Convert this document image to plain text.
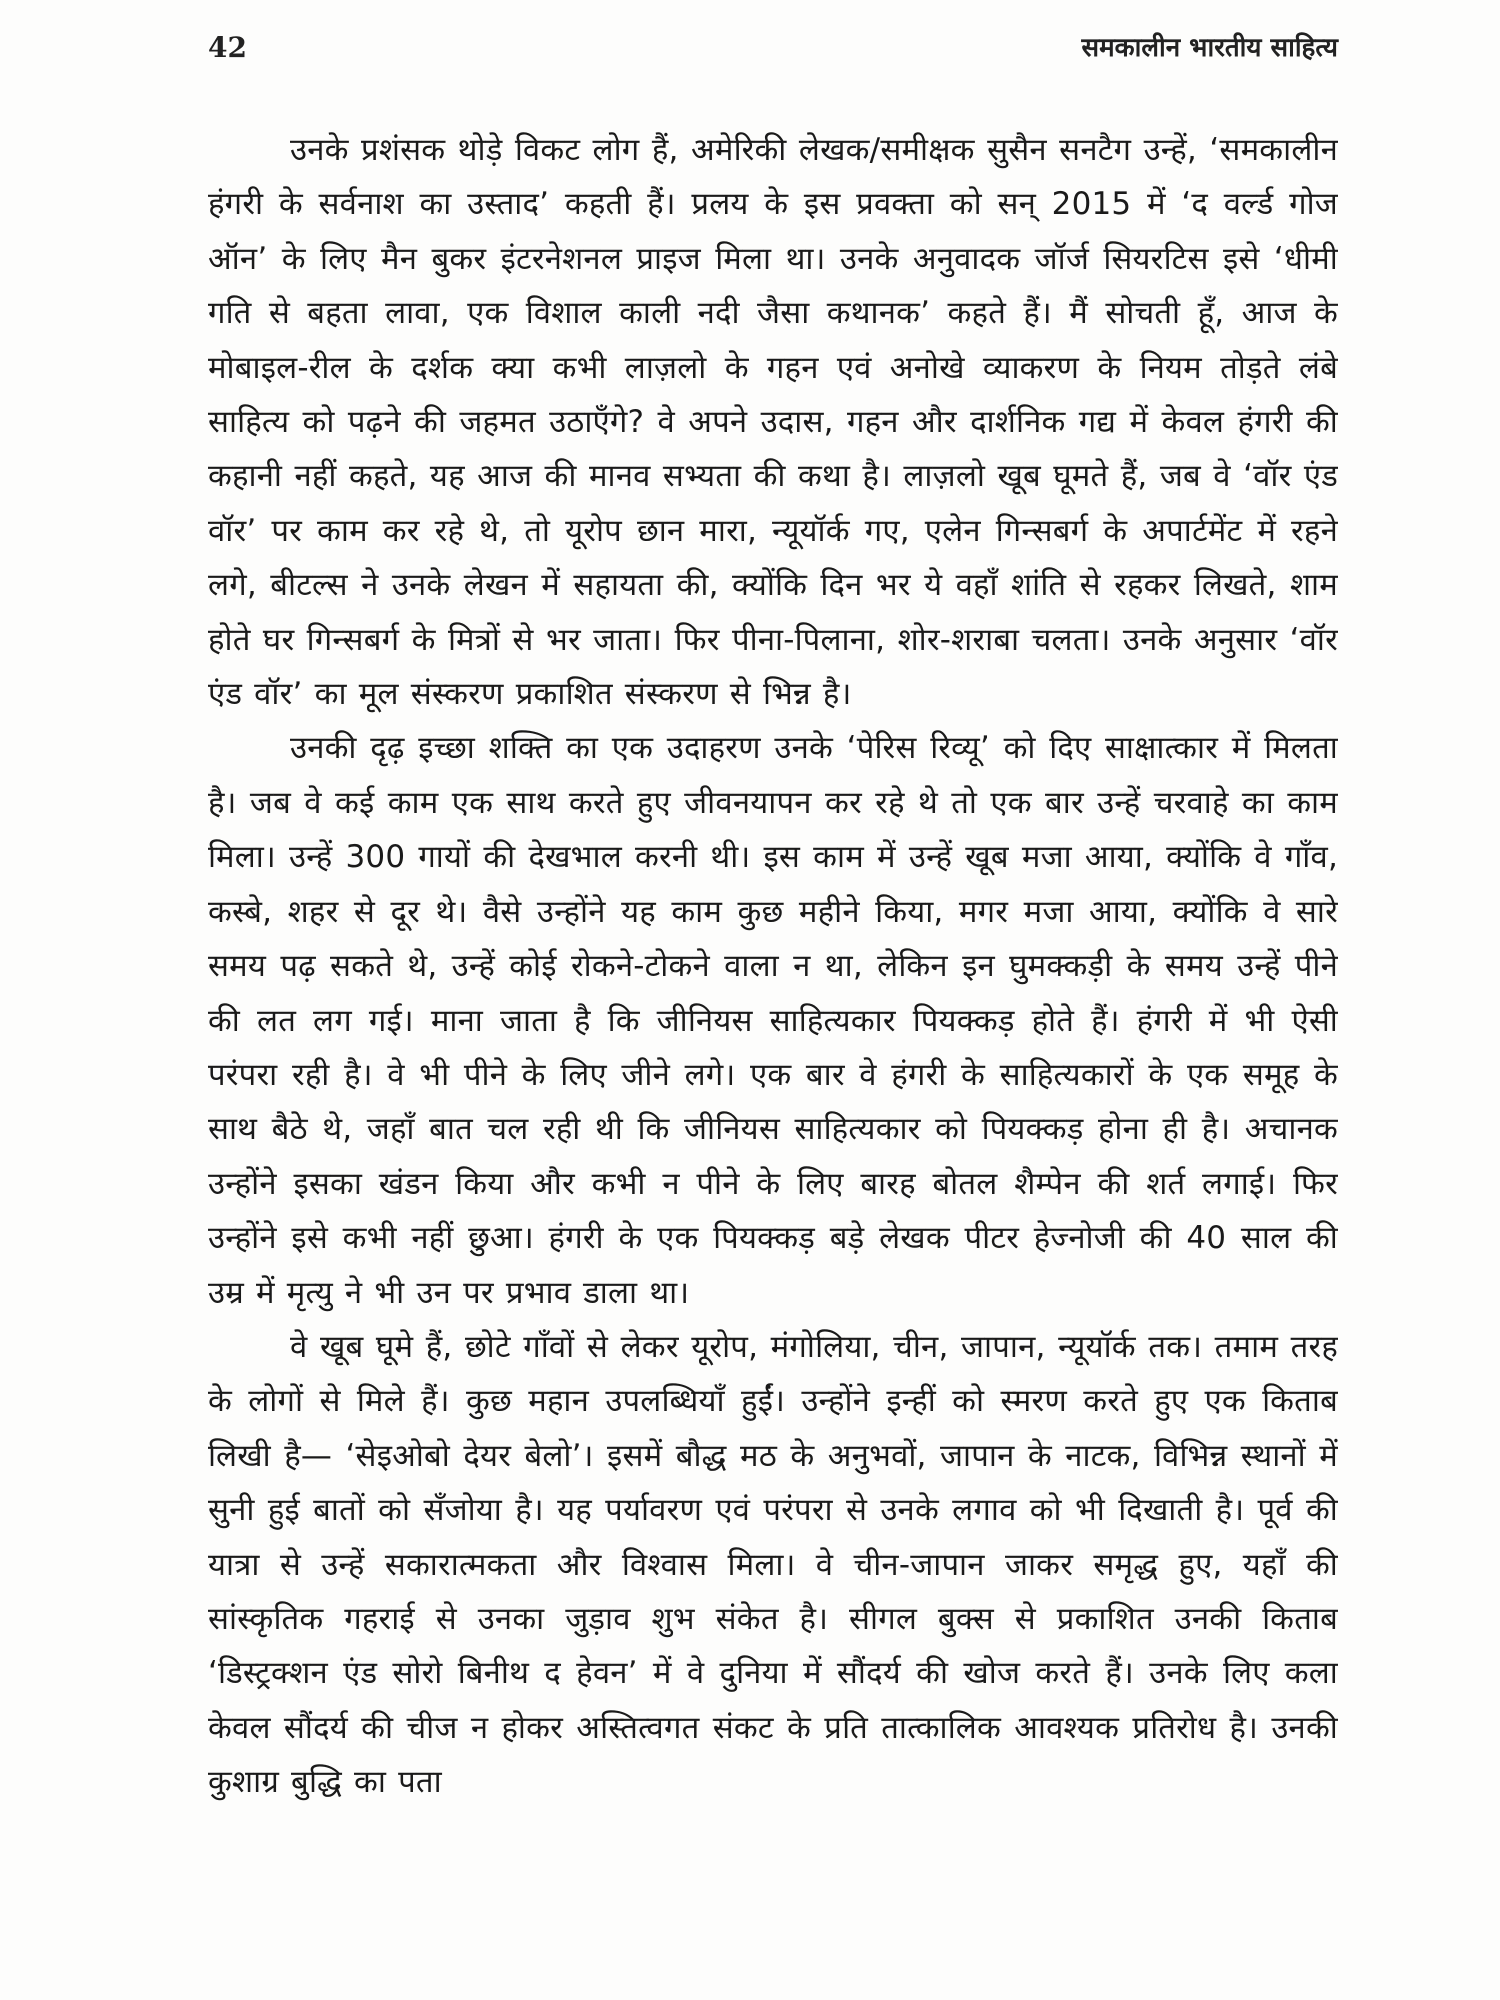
42	समकालीन भारतीय साहित्य

उनके प्रशंसक थोड़े विकट लोग हैं, अमेरिकी लेखक/समीक्षक सुसैन सनटैग उन्हें, ‘समकालीन हंगरी के सर्वनाश का उस्ताद’ कहती हैं। प्रलय के इस प्रवक्ता को सन् 2015 में ‘द वर्ल्ड गोज ऑन’ के लिए मैन बुकर इंटरनेशनल प्राइज मिला था। उनके अनुवादक जॉर्ज सियरटिस इसे ‘धीमी गति से बहता लावा, एक विशाल काली नदी जैसा कथानक’ कहते हैं। मैं सोचती हूँ, आज के मोबाइल-रील के दर्शक क्या कभी लाज़लो के गहन एवं अनोखे व्याकरण के नियम तोड़ते लंबे साहित्य को पढ़ने की जहमत उठाएँगे? वे अपने उदास, गहन और दार्शनिक गद्य में केवल हंगरी की कहानी नहीं कहते, यह आज की मानव सभ्यता की कथा है। लाज़लो खूब घूमते हैं, जब वे ‘वॉर एंड वॉर’ पर काम कर रहे थे, तो यूरोप छान मारा, न्यूयॉर्क गए, एलेन गिन्सबर्ग के अपार्टमेंट में रहने लगे, बीटल्स ने उनके लेखन में सहायता की, क्योंकि दिन भर ये वहाँ शांति से रहकर लिखते, शाम होते घर गिन्सबर्ग के मित्रों से भर जाता। फिर पीना-पिलाना, शोर-शराबा चलता। उनके अनुसार ‘वॉर एंड वॉर’ का मूल संस्करण प्रकाशित संस्करण से भिन्न है।

उनकी दृढ़ इच्छा शक्ति का एक उदाहरण उनके ‘पेरिस रिव्यू’ को दिए साक्षात्कार में मिलता है। जब वे कई काम एक साथ करते हुए जीवनयापन कर रहे थे तो एक बार उन्हें चरवाहे का काम मिला। उन्हें 300 गायों की देखभाल करनी थी। इस काम में उन्हें खूब मजा आया, क्योंकि वे गाँव, कस्बे, शहर से दूर थे। वैसे उन्होंने यह काम कुछ महीने किया, मगर मजा आया, क्योंकि वे सारे समय पढ़ सकते थे, उन्हें कोई रोकने-टोकने वाला न था, लेकिन इन घुमक्कड़ी के समय उन्हें पीने की लत लग गई। माना जाता है कि जीनियस साहित्यकार पियक्कड़ होते हैं। हंगरी में भी ऐसी परंपरा रही है। वे भी पीने के लिए जीने लगे। एक बार वे हंगरी के साहित्यकारों के एक समूह के साथ बैठे थे, जहाँ बात चल रही थी कि जीनियस साहित्यकार को पियक्कड़ होना ही है। अचानक उन्होंने इसका खंडन किया और कभी न पीने के लिए बारह बोतल शैम्पेन की शर्त लगाई। फिर उन्होंने इसे कभी नहीं छुआ। हंगरी के एक पियक्कड़ बड़े लेखक पीटर हेज्नोजी की 40 साल की उम्र में मृत्यु ने भी उन पर प्रभाव डाला था।

वे खूब घूमे हैं, छोटे गाँवों से लेकर यूरोप, मंगोलिया, चीन, जापान, न्यूयॉर्क तक। तमाम तरह के लोगों से मिले हैं। कुछ महान उपलब्धियाँ हुईं। उन्होंने इन्हीं को स्मरण करते हुए एक किताब लिखी है— ‘सेइओबो देयर बेलो’। इसमें बौद्ध मठ के अनुभवों, जापान के नाटक, विभिन्न स्थानों में सुनी हुई बातों को सँजोया है। यह पर्यावरण एवं परंपरा से उनके लगाव को भी दिखाती है। पूर्व की यात्रा से उन्हें सकारात्मकता और विश्वास मिला। वे चीन-जापान जाकर समृद्ध हुए, यहाँ की सांस्कृतिक गहराई से उनका जुड़ाव शुभ संकेत है। सीगल बुक्स से प्रकाशित उनकी किताब ‘डिस्ट्रक्शन एंड सोरो बिनीथ द हेवन’ में वे दुनिया में सौंदर्य की खोज करते हैं। उनके लिए कला केवल सौंदर्य की चीज न होकर अस्तित्वगत संकट के प्रति तात्कालिक आवश्यक प्रतिरोध है। उनकी कुशाग्र बुद्धि का पता
